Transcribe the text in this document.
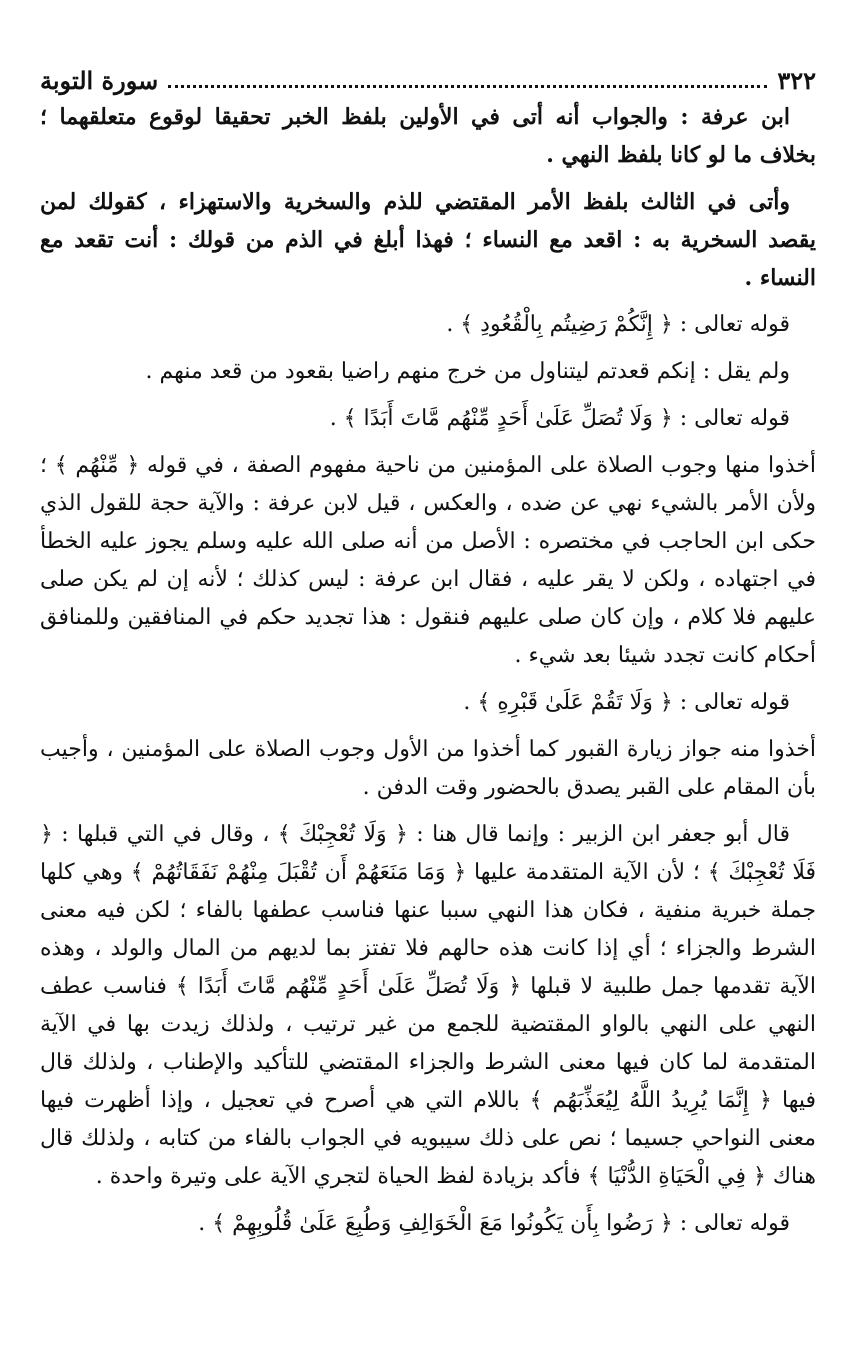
٣٢٢
سورة التوبة

ابن عرفة : والجواب أنه أتى في الأولين بلفظ الخبر تحقيقا لوقوع متعلقهما ؛ بخلاف ما لو كانا بلفظ النهي .

وأتى في الثالث بلفظ الأمر المقتضي للذم والسخرية والاستهزاء ، كقولك لمن يقصد السخرية به : اقعد مع النساء ؛ فهذا أبلغ في الذم من قولك : أنت تقعد مع النساء .

قوله تعالى : ﴿ إِنَّكُمْ رَضِيتُم بِالْقُعُودِ ﴾ .

ولم يقل : إنكم قعدتم ليتناول من خرج منهم راضيا بقعود من قعد منهم .

قوله تعالى : ﴿ وَلَا تُصَلِّ عَلَىٰ أَحَدٍ مِّنْهُم مَّاتَ أَبَدًا ﴾ .

أخذوا منها وجوب الصلاة على المؤمنين من ناحية مفهوم الصفة ، في قوله ﴿ مِّنْهُم ﴾ ؛ ولأن الأمر بالشيء نهي عن ضده ، والعكس ، قيل لابن عرفة : والآية حجة للقول الذي حكى ابن الحاجب في مختصره : الأصل من أنه صلى الله عليه وسلم يجوز عليه الخطأ في اجتهاده ، ولكن لا يقر عليه ، فقال ابن عرفة : ليس كذلك ؛ لأنه إن لم يكن صلى عليهم فلا كلام ، وإن كان صلى عليهم فنقول : هذا تجديد حكم في المنافقين وللمنافق أحكام كانت تجدد شيئا بعد شيء .

قوله تعالى : ﴿ وَلَا تَقُمْ عَلَىٰ قَبْرِهِ ﴾ .

أخذوا منه جواز زيارة القبور كما أخذوا من الأول وجوب الصلاة على المؤمنين ، وأجيب بأن المقام على القبر يصدق بالحضور وقت الدفن .

قال أبو جعفر ابن الزبير : وإنما قال هنا : ﴿ وَلَا تُعْجِبْكَ ﴾ ، وقال في التي قبلها : ﴿ فَلَا تُعْجِبْكَ ﴾ ؛ لأن الآية المتقدمة عليها ﴿ وَمَا مَنَعَهُمْ أَن تُقْبَلَ مِنْهُمْ نَفَقَاتُهُمْ ﴾ وهي كلها جملة خبرية منفية ، فكان هذا النهي سببا عنها فناسب عطفها بالفاء ؛ لكن فيه معنى الشرط والجزاء ؛ أي إذا كانت هذه حالهم فلا تفتز بما لديهم من المال والولد ، وهذه الآية تقدمها جمل طلبية لا قبلها ﴿ وَلَا تُصَلِّ عَلَىٰ أَحَدٍ مِّنْهُم مَّاتَ أَبَدًا ﴾ فناسب عطف النهي على النهي بالواو المقتضية للجمع من غير ترتيب ، ولذلك زيدت بها في الآية المتقدمة لما كان فيها معنى الشرط والجزاء المقتضي للتأكيد والإطناب ، ولذلك قال فيها ﴿ إِنَّمَا يُرِيدُ اللَّهُ لِيُعَذِّبَهُم ﴾ باللام التي هي أصرح في تعجيل ، وإذا أظهرت فيها معنى النواحي جسيما ؛ نص على ذلك سيبويه في الجواب بالفاء من كتابه ، ولذلك قال هناك ﴿ فِي الْحَيَاةِ الدُّنْيَا ﴾ فأكد بزيادة لفظ الحياة لتجري الآية على وتيرة واحدة .

قوله تعالى : ﴿ رَضُوا بِأَن يَكُونُوا مَعَ الْخَوَالِفِ وَطُبِعَ عَلَىٰ قُلُوبِهِمْ ﴾ .
